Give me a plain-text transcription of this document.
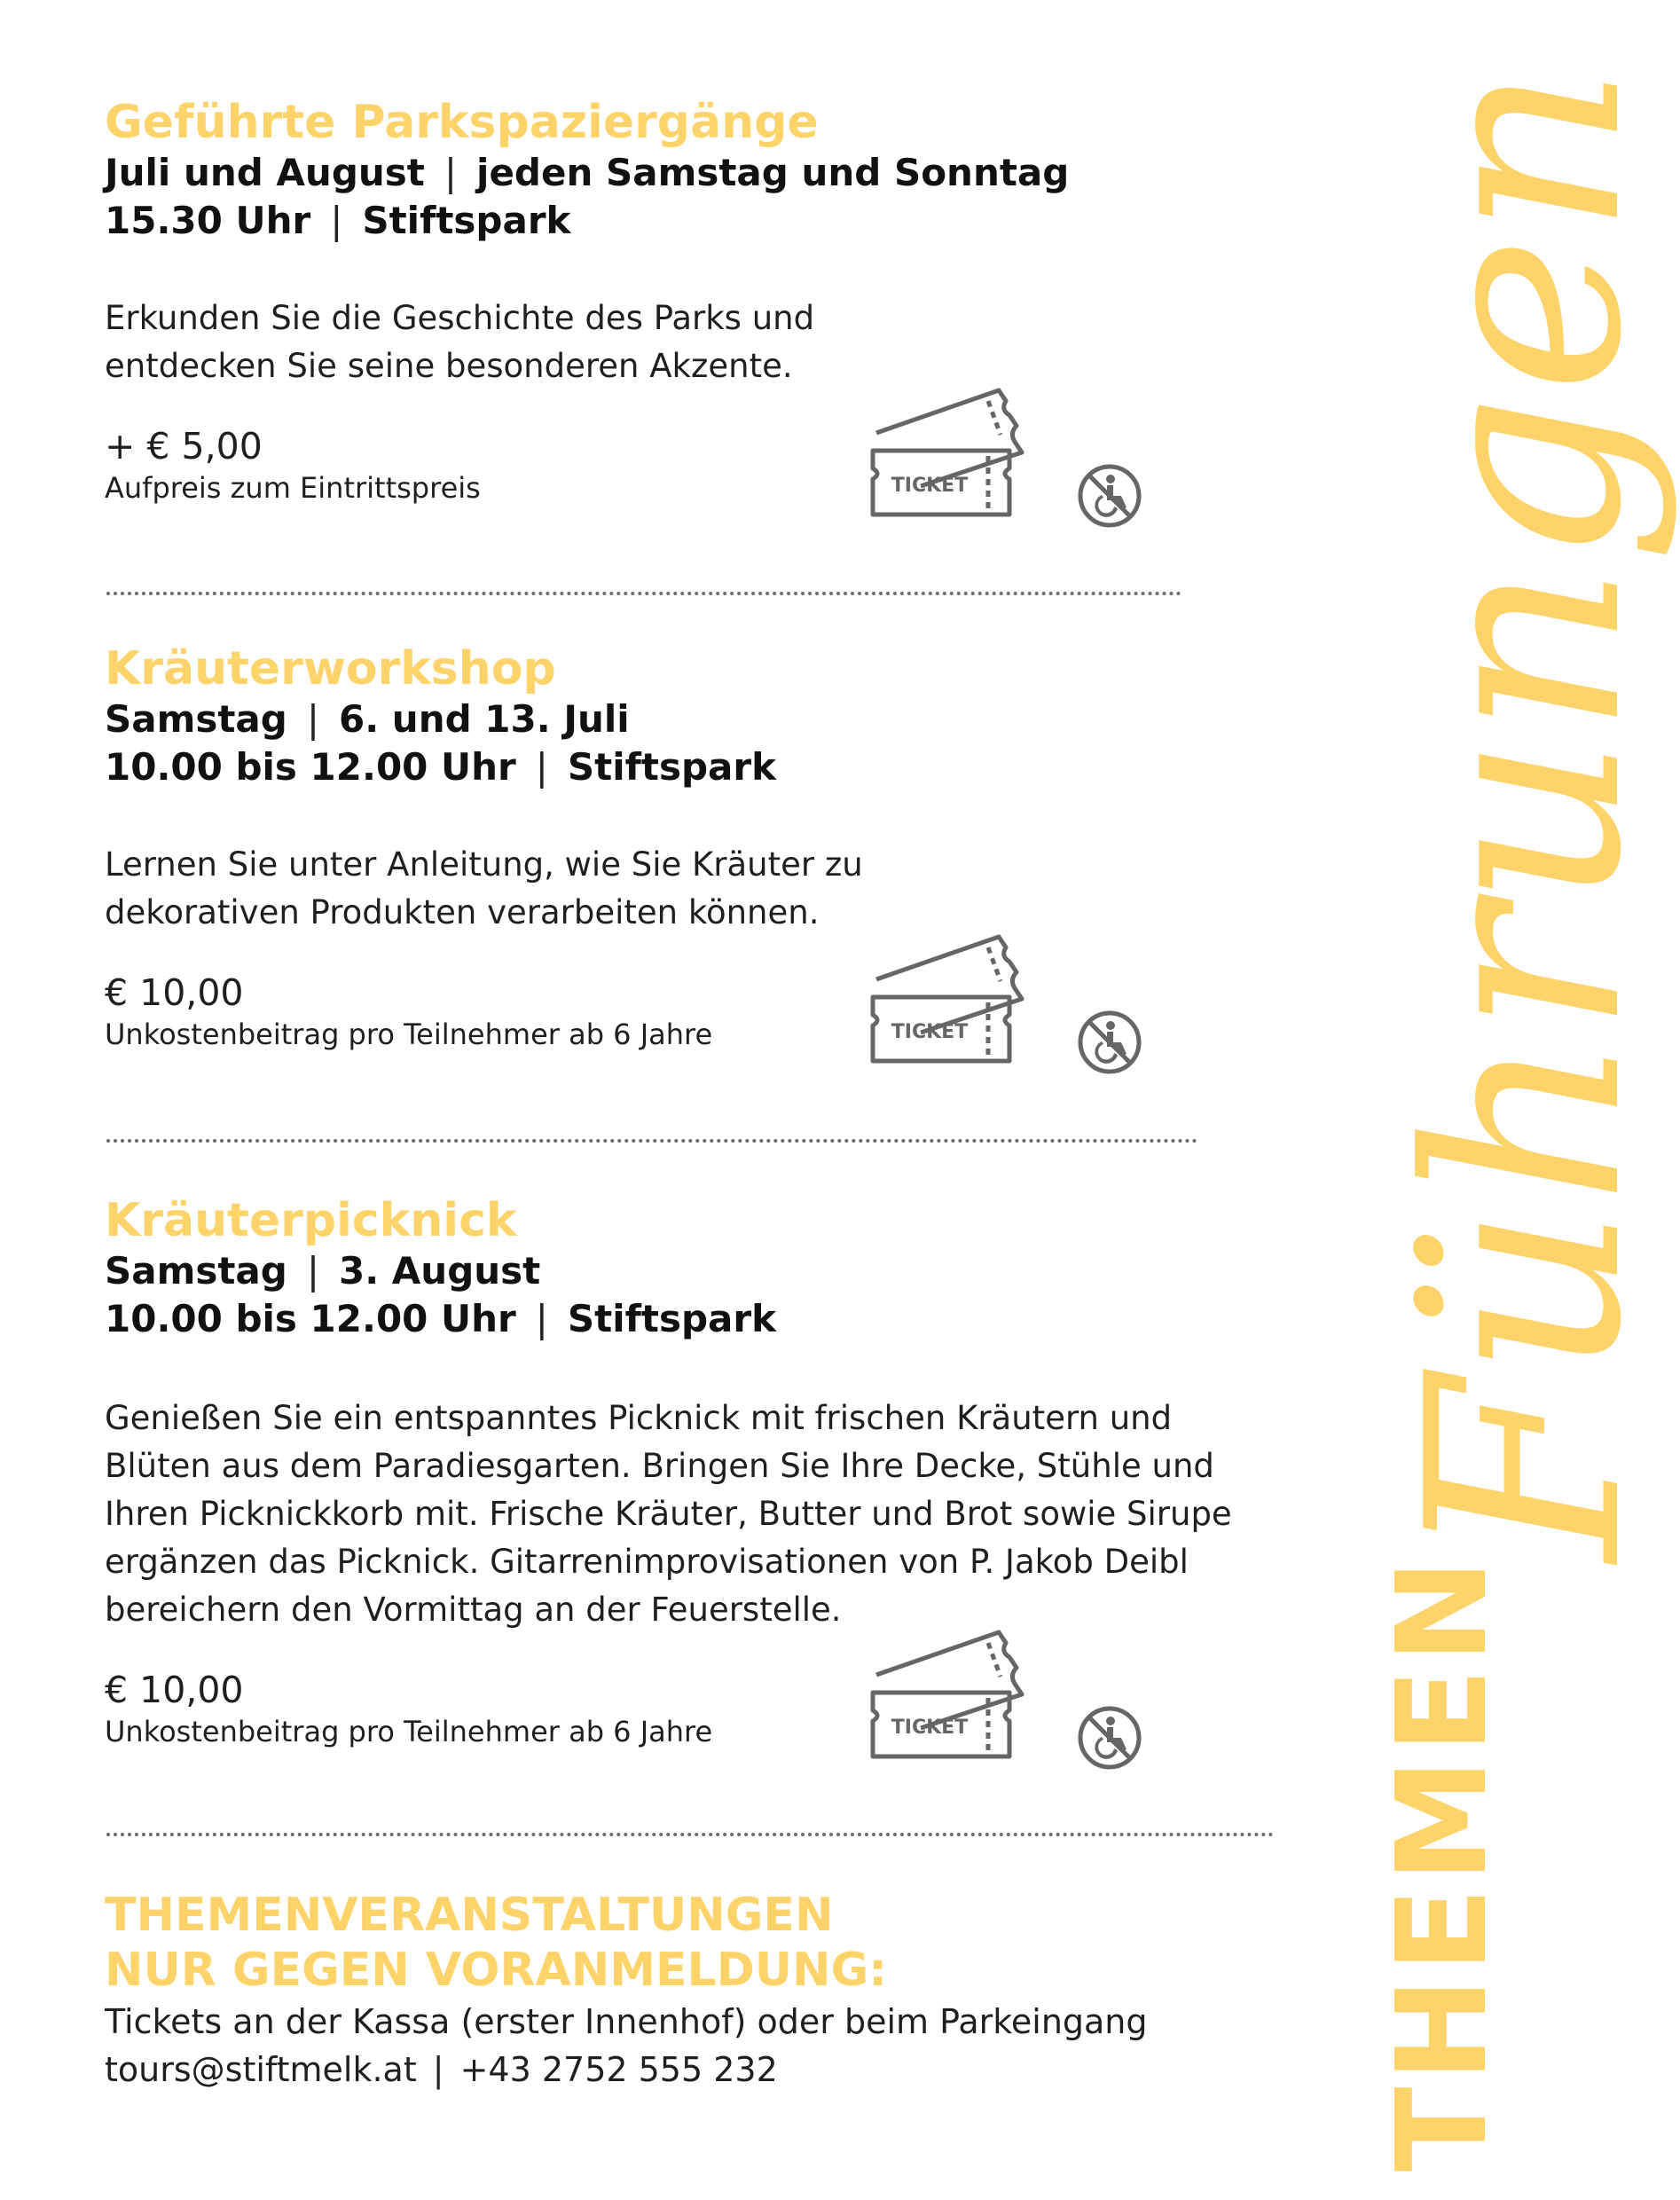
Führungen
THEMEN
Geführte Parkspaziergänge

Juli und August | jeden Samstag und Sonntag

15.30 Uhr | Stiftspark

Erkunden Sie die Geschichte des Parks und

entdecken Sie seine besonderen Akzente.

+ € 5,00

Aufpreis zum Eintrittspreis	TICKET
Kräuterworkshop

Samstag | 6. und 13. Juli

10.00 bis 12.00 Uhr | Stiftspark

Lernen Sie unter Anleitung, wie Sie Kräuter zu

dekorativen Produkten verarbeiten können.

€ 10,00

Unkostenbeitrag pro Teilnehmer ab 6 Jahre	TICKET
Kräuterpicknick

Samstag | 3. August

10.00 bis 12.00 Uhr | Stiftspark

Genießen Sie ein entspanntes Picknick mit frischen Kräutern und

Blüten aus dem Paradiesgarten. Bringen Sie Ihre Decke, Stühle und

Ihren Picknickkorb mit. Frische Kräuter, Butter und Brot sowie Sirupe

ergänzen das Picknick. Gitarrenimprovisationen von P. Jakob Deibl

bereichern den Vormittag an der Feuerstelle.

€ 10,00

Unkostenbeitrag pro Teilnehmer ab 6 Jahre	TICKET
THEMENVERANSTALTUNGEN
NUR GEGEN VORANMELDUNG:

Tickets an der Kassa (erster Innenhof) oder beim Parkeingang

tours@stiftmelk.at | +43 2752 555 232
